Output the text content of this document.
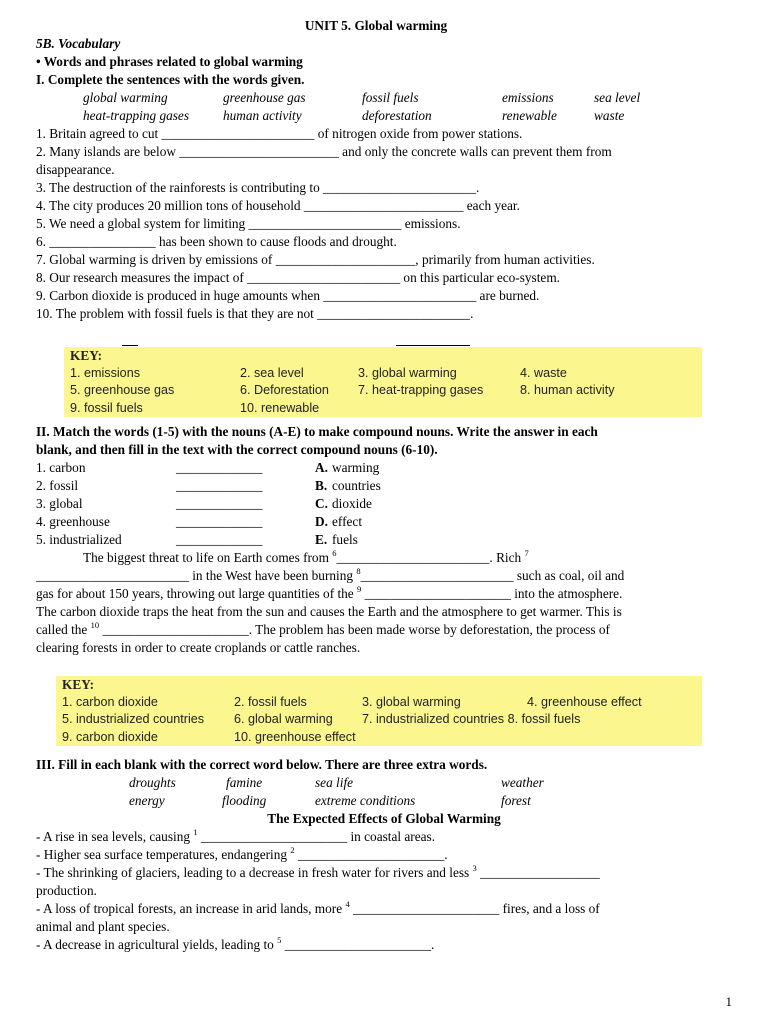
UNIT 5. Global warming
5B. Vocabulary
• Words and phrases related to global warming
I. Complete the sentences with the words given.
global warming	greenhouse gas	fossil fuels	emissions	sea level
heat-trapping gases	human activity	deforestation	renewable	waste
1. Britain agreed to cut _______________________ of nitrogen oxide from power stations.
2. Many islands are below ________________________ and only the concrete walls can prevent them from
disappearance.
3. The destruction of the rainforests is contributing to _______________________.
4. The city produces 20 million tons of household ________________________ each year.
5. We need a global system for limiting _______________________ emissions.
6. ________________ has been shown to cause floods and drought.
7. Global warming is driven by emissions of _____________________, primarily from human activities.
8. Our research measures the impact of _______________________ on this particular eco-system.
9. Carbon dioxide is produced in huge amounts when _______________________ are burned.
10. The problem with fossil fuels is that they are not _______________________.
KEY:
1. emissions	2. sea level	3. global warming	4. waste
5. greenhouse gas	6. Deforestation	7. heat-trapping gases	8. human activity
9. fossil fuels	10. renewable
II. Match the words (1-5) with the nouns (A-E) to make compound nouns. Write the answer in each
blank, and then fill in the text with the correct compound nouns (6-10).
1. carbon	_____________	A. warming
2. fossil	_____________	B. countries
3. global	_____________	C. dioxide
4. greenhouse	_____________	D. effect
5. industrialized	_____________	E. fuels
The biggest threat to life on Earth comes from $^6$_______________________. Rich $^7$
_______________________ in the West have been burning $^8$_______________________ such as coal, oil and
gas for about 150 years, throwing out large quantities of the $^9$ ______________________ into the atmosphere.
The carbon dioxide traps the heat from the sun and causes the Earth and the atmosphere to get warmer. This is
called the $^{10}$ ______________________. The problem has been made worse by deforestation, the process of
clearing forests in order to create croplands or cattle ranches.
KEY:
1. carbon dioxide	2. fossil fuels	3. global warming	4. greenhouse effect
5. industrialized countries	6. global warming	7. industrialized countries 8. fossil fuels
9. carbon dioxide	10. greenhouse effect
III. Fill in each blank with the correct word below. There are three extra words.
droughts	famine	sea life	weather
energy	flooding	extreme conditions	forest
The Expected Effects of Global Warming
- A rise in sea levels, causing $^1$ ______________________ in coastal areas.
- Higher sea surface temperatures, endangering $^2$ ______________________.
- The shrinking of glaciers, leading to a decrease in fresh water for rivers and less $^3$ __________________
production.
- A loss of tropical forests, an increase in arid lands, more $^4$ ______________________ fires, and a loss of
animal and plant species.
- A decrease in agricultural yields, leading to $^5$ ______________________.
1
